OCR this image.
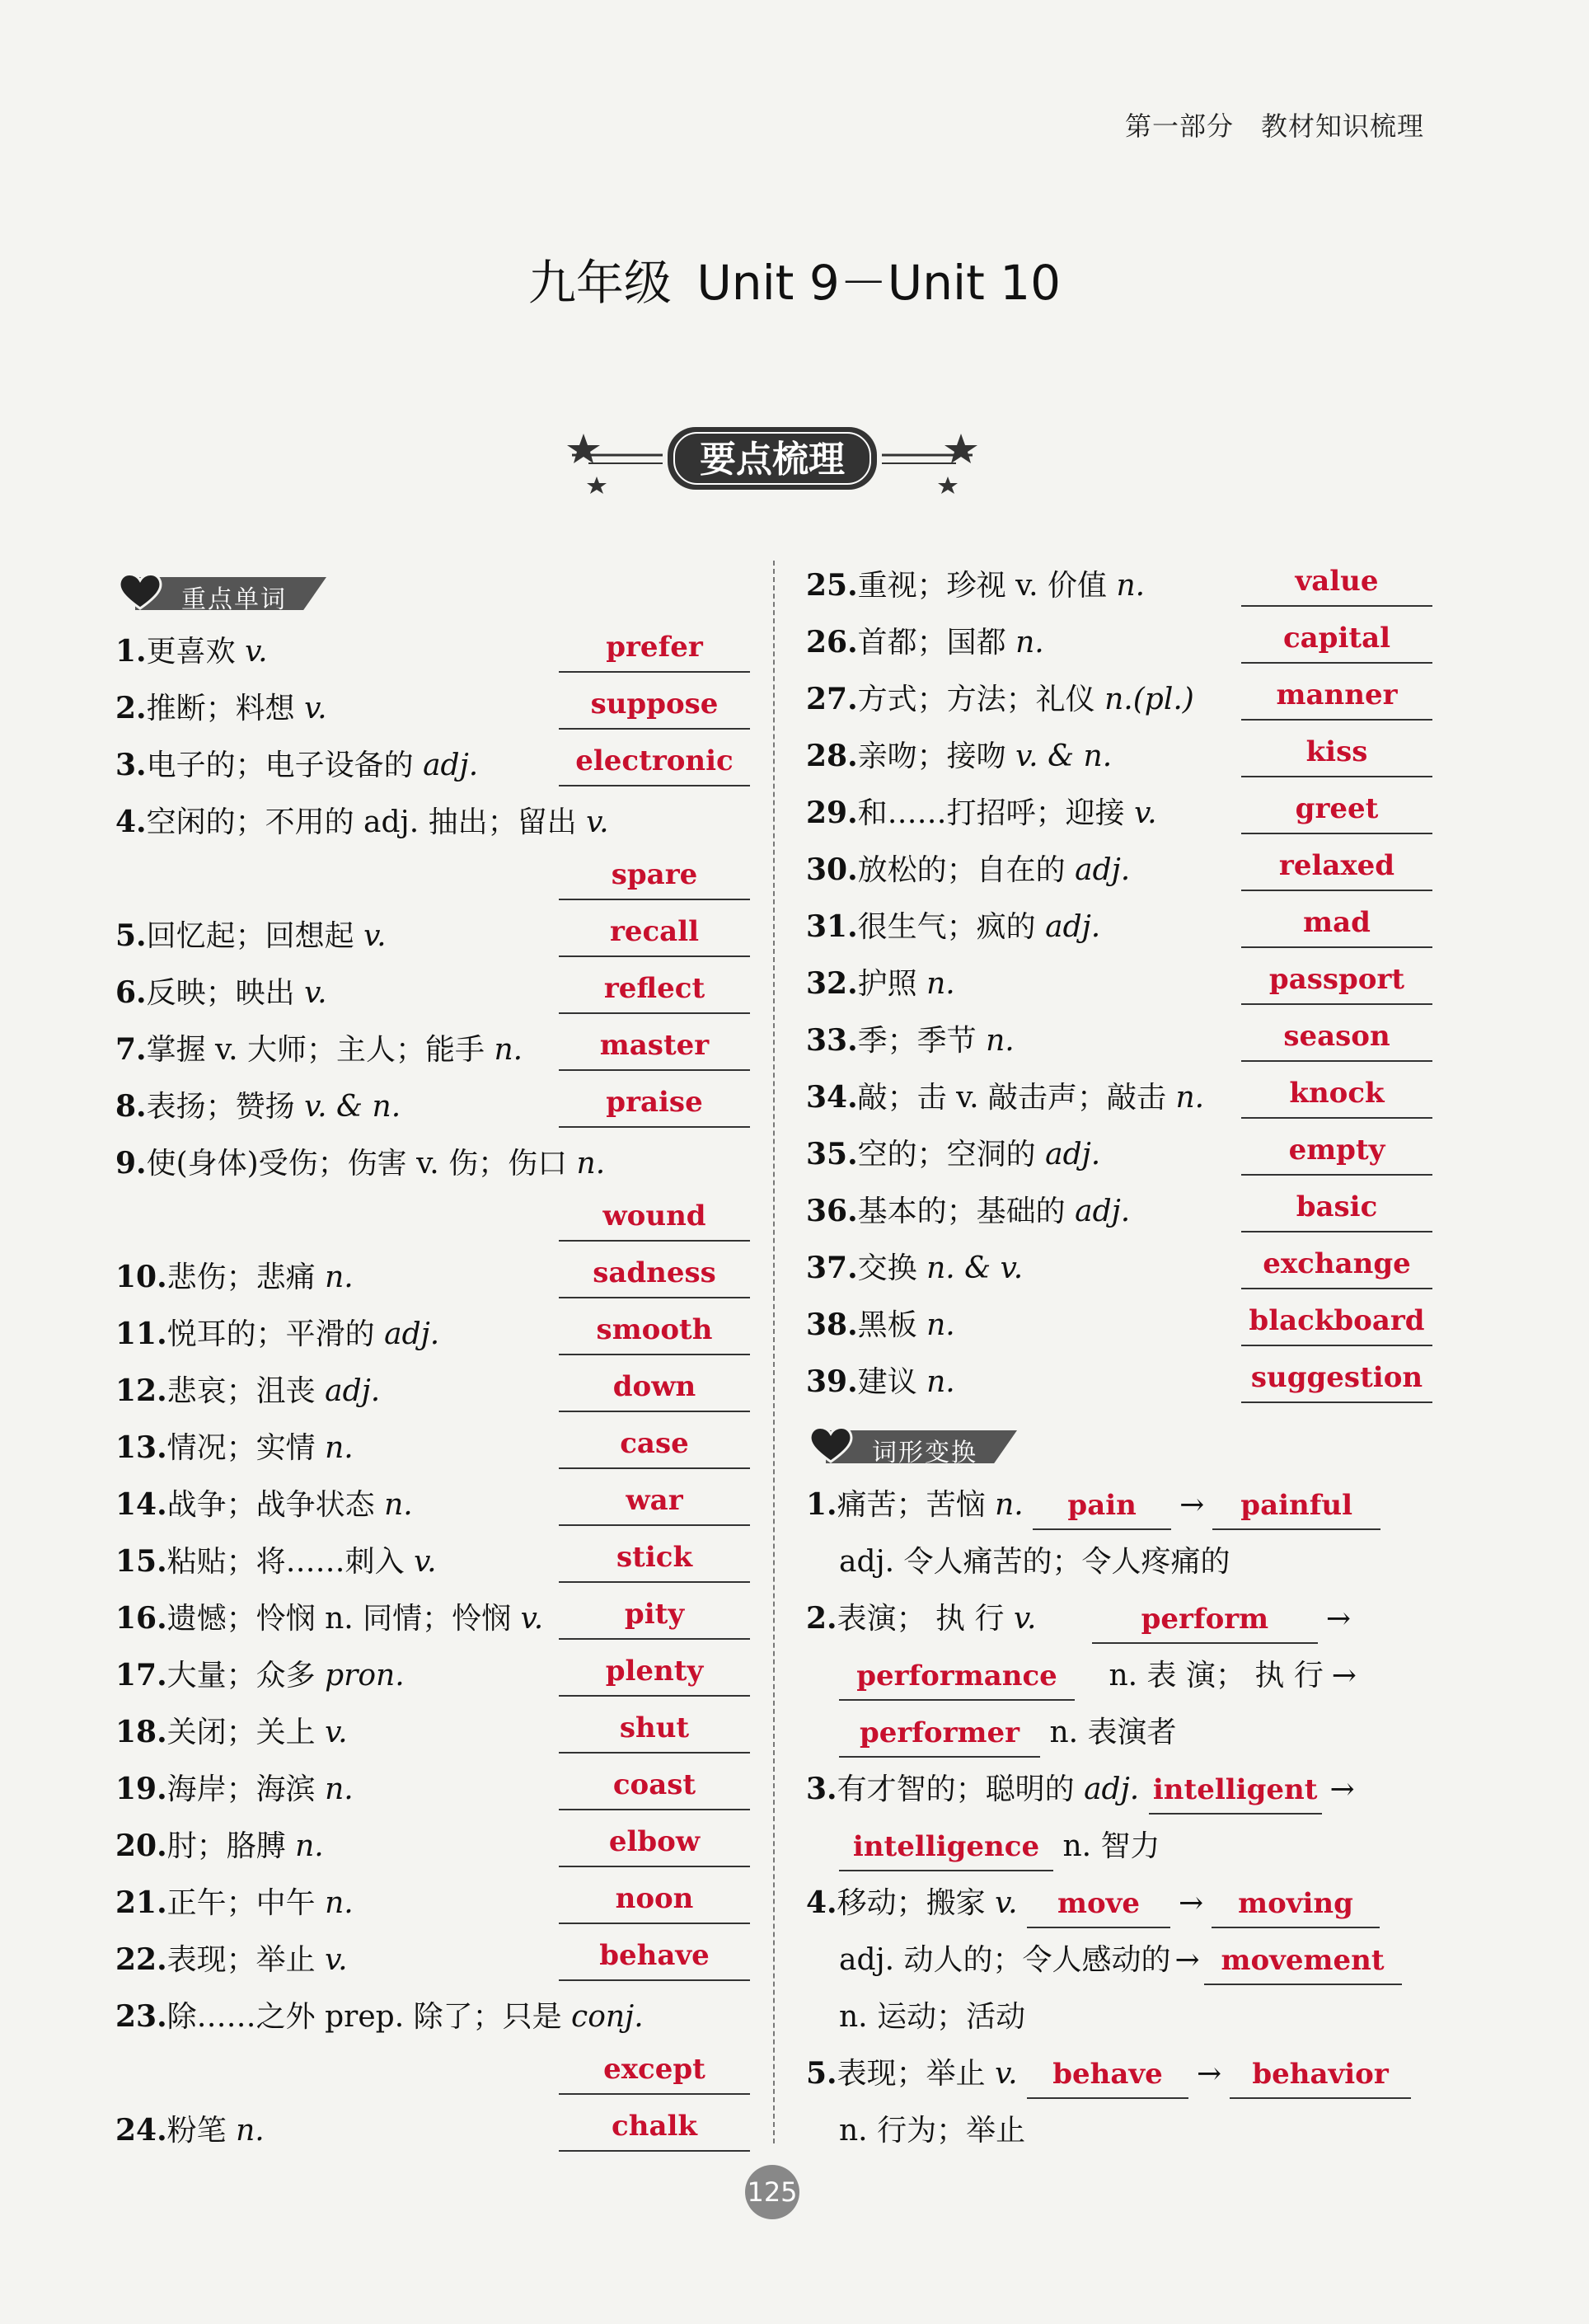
第一部分　教材知识梳理
九年级 Unit 9－Unit 10
要点梳理
重点单词
1.更喜欢 v.	prefer
2.推断；料想 v.	suppose
3.电子的；电子设备的 adj.	electronic
4.空闲的；不用的 adj. 抽出；留出 v.
spare
5.回忆起；回想起 v.	recall
6.反映；映出 v.	reflect
7.掌握 v. 大师；主人；能手 n.	master
8.表扬；赞扬 v. & n.	praise
9.使(身体)受伤；伤害 v. 伤；伤口 n.
wound
10.悲伤；悲痛 n.	sadness
11.悦耳的；平滑的 adj.	smooth
12.悲哀；沮丧 adj.	down
13.情况；实情 n.	case
14.战争；战争状态 n.	war
15.粘贴；将……刺入 v.	stick
16.遗憾；怜悯 n. 同情；怜悯 v.	pity
17.大量；众多 pron.	plenty
18.关闭；关上 v.	shut
19.海岸；海滨 n.	coast
20.肘；胳膊 n.	elbow
21.正午；中午 n.	noon
22.表现；举止 v.	behave
23.除……之外 prep. 除了；只是 conj.
except
24.粉笔 n.	chalk
25.重视；珍视 v. 价值 n.	value
26.首都；国都 n.	capital
27.方式；方法；礼仪 n.(pl.)	manner
28.亲吻；接吻 v. & n.	kiss
29.和……打招呼；迎接 v.	greet
30.放松的；自在的 adj.	relaxed
31.很生气；疯的 adj.	mad
32.护照 n.	passport
33.季；季节 n.	season
34.敲；击 v. 敲击声；敲击 n.	knock
35.空的；空洞的 adj.	empty
36.基本的；基础的 adj.	basic
37.交换 n. & v.	exchange
38.黑板 n.	blackboard
39.建议 n.	suggestion
词形变换
1.痛苦；苦恼 n. pain → painful
adj. 令人痛苦的；令人疼痛的
2.表演； 执 行 v.	perform →
performance n. 表 演； 执 行 →
performer n. 表演者
3.有才智的；聪明的 adj. intelligent →
intelligence n. 智力
4.移动；搬家 v. move → moving
adj. 动人的；令人感动的 → movement
n. 运动；活动
5.表现；举止 v. behave → behavior
n. 行为；举止
125
